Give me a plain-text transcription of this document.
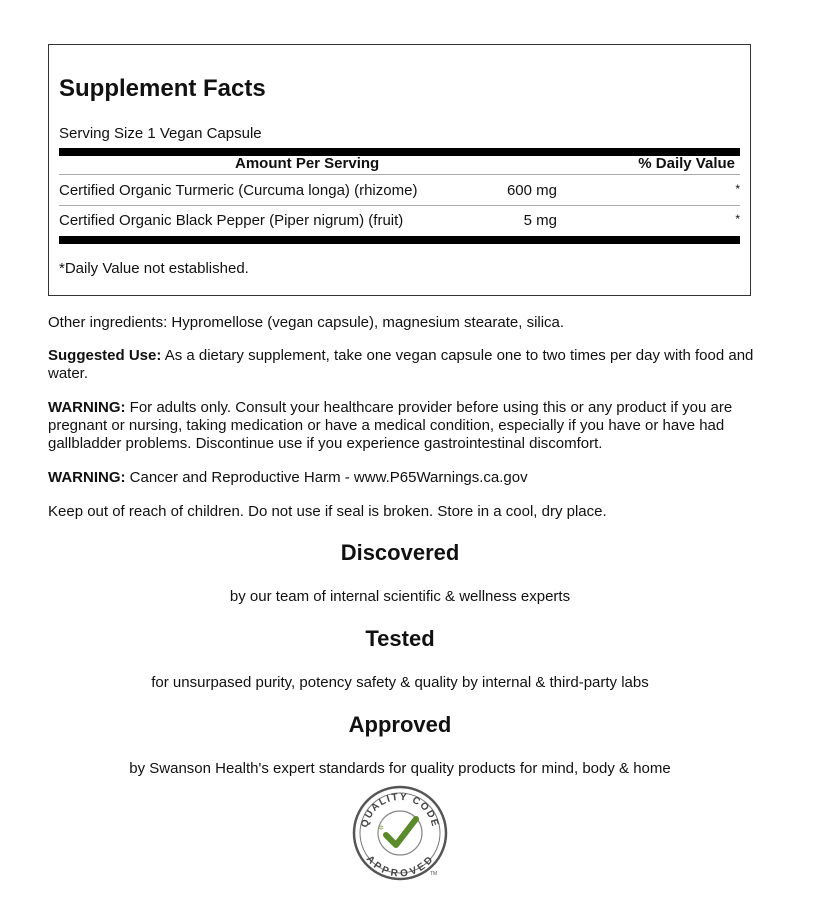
Supplement Facts
Serving Size 1 Vegan Capsule
Amount Per Serving	% Daily Value
Certified Organic Turmeric (Curcuma longa) (rhizome)	600 mg	*
Certified Organic Black Pepper (Piper nigrum) (fruit)	5 mg	*
*Daily Value not established.

Other ingredients: Hypromellose (vegan capsule), magnesium stearate, silica.

Suggested Use: As a dietary supplement, take one vegan capsule one to two times per day with food and water.

WARNING: For adults only. Consult your healthcare provider before using this or any product if you are pregnant or nursing, taking medication or have a medical condition, especially if you have or have had gallbladder problems. Discontinue use if you experience gastrointestinal discomfort.

WARNING: Cancer and Reproductive Harm - www.P65Warnings.ca.gov

Keep out of reach of children. Do not use if seal is broken. Store in a cool, dry place.

Discovered

by our team of internal scientific & wellness experts

Tested

for unsurpased purity, potency safety & quality by internal & third-party labs

Approved

by Swanson Health's expert standards for quality products for mind, body & home

QUALITY CODE
APPROVED
✲
TM
